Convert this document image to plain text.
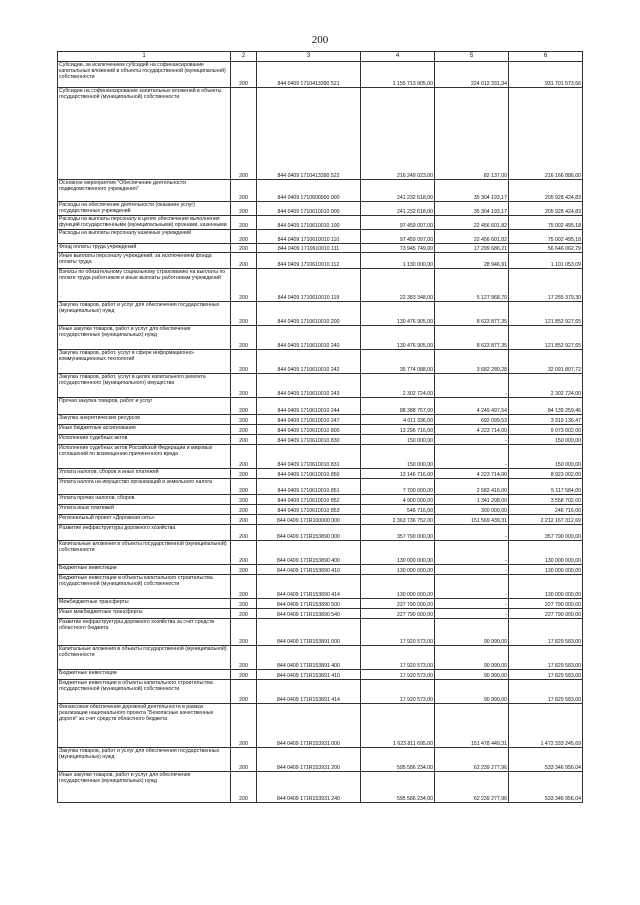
200
1	2	3	4	5	6
Субсидии, за исключением субсидий на софинансирование капитальных вложений в объекты государственной (муниципальной) собственности	200	844 0409 1710413390 521	1 155 713 905,00	224 012 331,34	931 701 573,66
Субсидии на софинансирование капитальных вложений в объекты государственной (муниципальной) собственности	200	844 0409 1710413390 522	216 249 023,00	82 137,00	216 166 886,00
Основное мероприятие "Обеспечение деятельности подведомственного учреждения"	200	844 0409 1710600000 000	241 232 618,00	35 304 193,17	205 928 424,83
Расходы на обеспечение деятельности (оказание услуг) государственных учреждений	200	844 0409 1710610010 000	241 232 618,00	35 304 193,17	205 928 424,83
Расходы на выплаты персоналу в целях обеспечения выполнения функций государственными (муниципальными) органами, казенными	200	844 0409 1710610010 100	97 459 097,00	22 456 601,82	75 002 495,18
Расходы на выплаты персоналу казенных учреждений	200	844 0409 1710610010 110	97 459 097,00	22 456 601,82	75 002 495,18
Фонд оплаты труда учреждений	200	844 0409 1710610010 111	73 945 749,00	17 299 686,21	56 646 062,79
Иные выплаты персоналу учреждений, за исключением фонда оплаты труда	200	844 0409 1710610010 112	1 130 000,00	28 946,91	1 101 053,09
Взносы по обязательному социальному страхованию на выплаты по оплате труда работников и иные выплаты работникам учреждений	200	844 0409 1710610010 119	22 383 348,00	5 127 968,70	17 255 379,30
Закупка товаров, работ и услуг для обеспечения государственных (муниципальных) нужд	200	844 0409 1710610010 200	130 476 905,00	8 623 877,35	121 852 927,65
Иные закупки товаров, работ и услуг для обеспечения государственных (муниципальных) нужд	200	844 0409 1710610010 240	130 476 905,00	8 623 877,35	121 852 927,65
Закупка товаров, работ, услуг в сфере информационно-коммуникационных технологий	200	844 0409 1710610010 242	35 774 088,00	3 682 280,28	32 091 807,72
Закупка товаров, работ, услуг в целях капитального ремонта государственного (муниципального) имущества	200	844 0409 1710610010 243	2 302 724,00	-	2 302 724,00
Прочая закупка товаров, работ и услуг	200	844 0409 1710610010 244	88 388 757,00	4 249 497,54	84 139 259,46
Закупка энергетических ресурсов	200	844 0409 1710610010 247	4 011 336,00	692 099,53	3 319 136,47
Иные бюджетные ассигнования	200	844 0409 1710610010 800	13 296 716,00	4 223 714,00	9 073 002,00
Исполнение судебных актов	200	844 0409 1710610010 830	150 000,00	-	150 000,00
Исполнение судебных актов Российской Федерации и мировых соглашений по возмещению причиненного вреда	200	844 0409 1710610010 831	150 000,00	-	150 000,00
Уплата налогов, сборов и иных платежей	200	844 0409 1710610010 850	13 146 716,00	4 223 714,00	8 923 002,00
Уплата налога на имущество организаций и земельного налога	200	844 0409 1710610010 851	7 700 000,00	2 582 416,00	5 117 584,00
Уплата прочих налогов, сборов	200	844 0409 1710610010 852	4 900 000,00	1 341 298,00	3 558 702,00
Уплата иных платежей	200	844 0409 1710610010 853	546 716,00	300 000,00	246 716,00
Региональный проект «Дорожная сеть»	200	844 0409 171R100000 000	2 363 736 752,00	151 569 439,31	2 212 167 312,69
Развитие инфраструктуры дорожного хозяйства	200	844 0409 171R153890 000	357 790 000,00	-	357 790 000,00
Капитальные вложения в объекты государственной (муниципальной) собственности	200	844 0409 171R153890 400	130 000 000,00	-	130 000 000,00
Бюджетные инвестиции	200	844 0409 171R153890 410	130 000 000,00	-	130 000 000,00
Бюджетные инвестиции в объекты капитального строительства государственной (муниципальной) собственности	200	844 0409 171R153890 414	130 000 000,00	-	130 000 000,00
Межбюджетные трансферты	200	844 0409 171R153890 500	227 790 000,00	-	227 790 000,00
Иные межбюджетные трансферты	200	844 0409 171R153890 540	227 790 000,00	-	227 790 000,00
Развитие инфраструктуры дорожного хозяйства за счет средств областного бюджета	200	844 0409 171R153891 000	17 920 573,00	90 990,00	17 829 583,00
Капитальные вложения в объекты государственной (муниципальной) собственности	200	844 0409 171R153891 400	17 920 573,00	90 990,00	17 829 583,00
Бюджетные инвестиции	200	844 0409 171R153891 410	17 920 573,00	90 990,00	17 829 583,00
Бюджетные инвестиции в объекты капитального строительства государственной (муниципальной) собственности	200	844 0409 171R153891 414	17 920 573,00	90 990,00	17 829 583,00
Финансовое обеспечение дорожной деятельности в рамках реализации национального проекта "Безопасные качественные дороги" за счет средств областного бюджета	200	844 0409 171R153931 000	1 623 811 695,00	151 478 449,31	1 472 333 245,69
Закупка товаров, работ и услуг для обеспечения государственных (муниципальных) нужд	200	844 0409 171R153931 200	595 586 234,00	62 239 277,96	533 346 956,04
Иные закупки товаров, работ и услуг для обеспечения государственных (муниципальных) нужд	200	844 0409 171R153931 240	595 586 234,00	62 239 277,96	533 346 956,04
